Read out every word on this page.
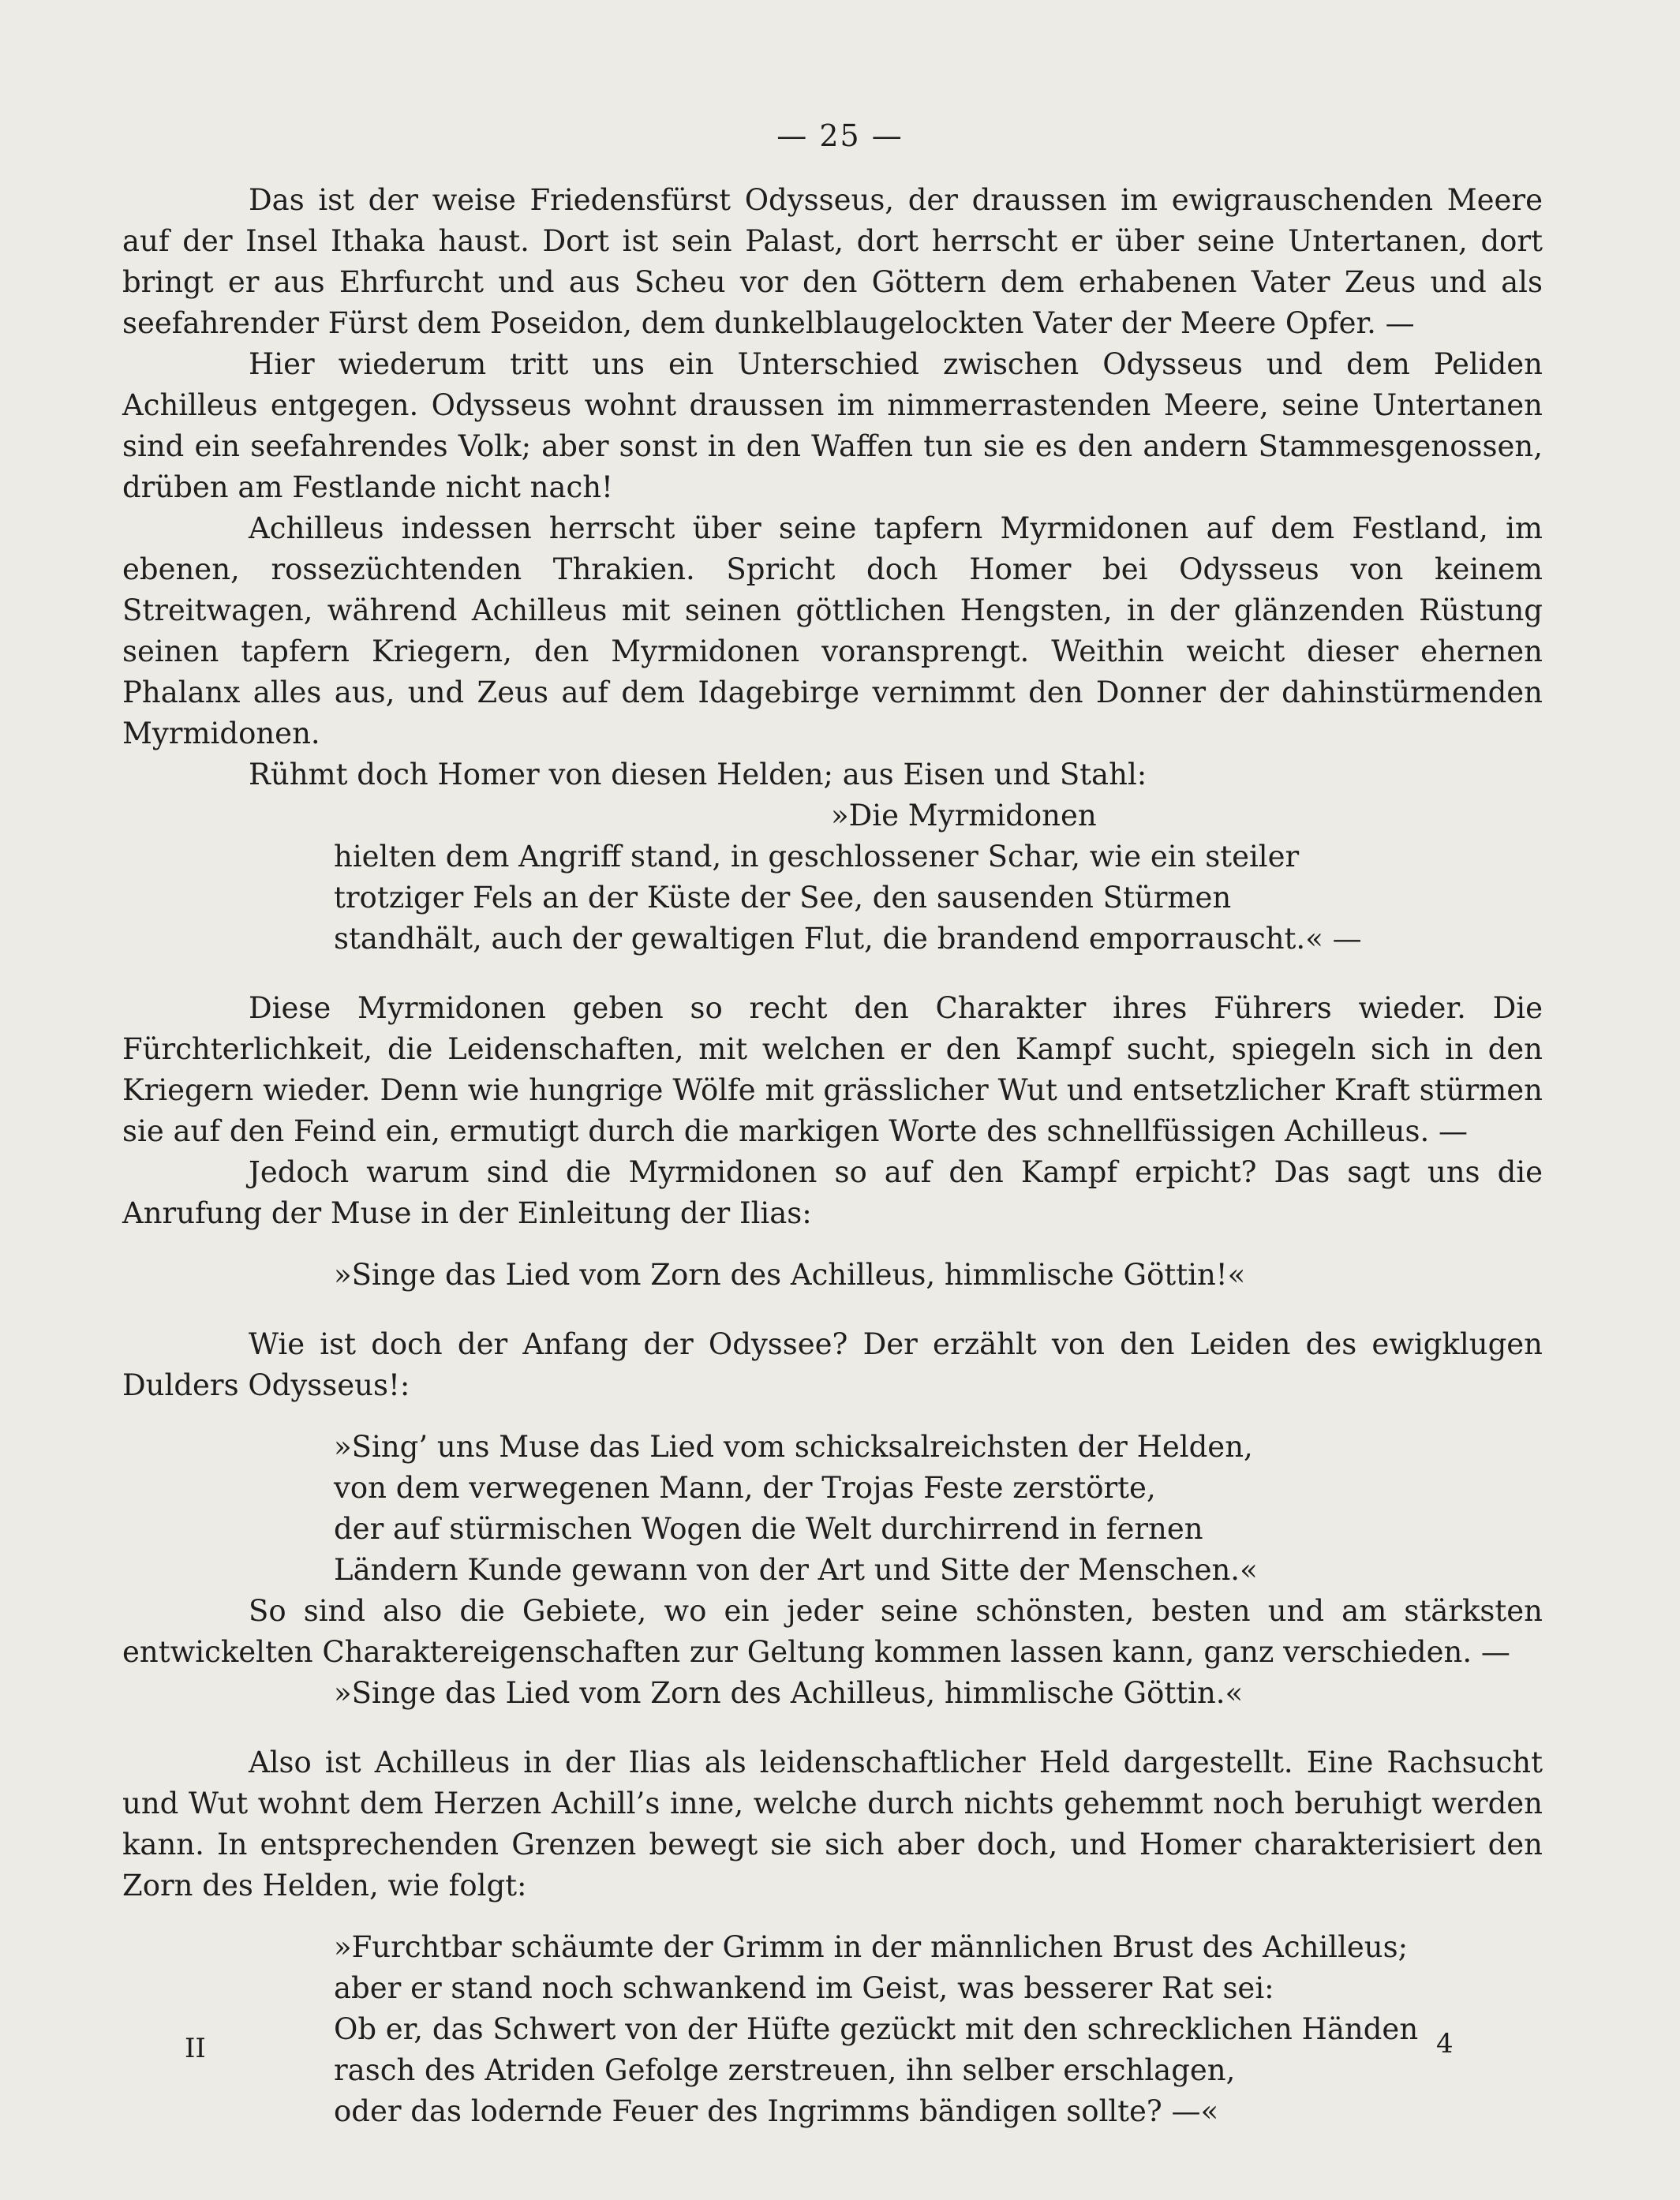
— 25 —

Das ist der weise Friedensfürst Odysseus, der draussen im ewigrauschenden Meere auf der Insel Ithaka haust. Dort ist sein Palast, dort herrscht er über seine Untertanen, dort bringt er aus Ehrfurcht und aus Scheu vor den Göttern dem erhabenen Vater Zeus und als seefahrender Fürst dem Poseidon, dem dunkelblaugelockten Vater der Meere Opfer. —

Hier wiederum tritt uns ein Unterschied zwischen Odysseus und dem Peliden Achilleus entgegen. Odysseus wohnt draussen im nimmerrastenden Meere, seine Untertanen sind ein seefahrendes Volk; aber sonst in den Waffen tun sie es den andern Stammesgenossen, drüben am Festlande nicht nach!

Achilleus indessen herrscht über seine tapfern Myrmidonen auf dem Festland, im ebenen, rossezüchtenden Thrakien. Spricht doch Homer bei Odysseus von keinem Streitwagen, während Achilleus mit seinen göttlichen Hengsten, in der glänzenden Rüstung seinen tapfern Kriegern, den Myrmidonen voransprengt. Weithin weicht dieser ehernen Phalanx alles aus, und Zeus auf dem Idagebirge vernimmt den Donner der dahinstürmenden Myrmidonen.

Rühmt doch Homer von diesen Helden; aus Eisen und Stahl:

»Die Myrmidonen
hielten dem Angriff stand, in geschlossener Schar, wie ein steiler
trotziger Fels an der Küste der See, den sausenden Stürmen
standhält, auch der gewaltigen Flut, die brandend emporrauscht.« —

Diese Myrmidonen geben so recht den Charakter ihres Führers wieder. Die Fürchterlichkeit, die Leidenschaften, mit welchen er den Kampf sucht, spiegeln sich in den Kriegern wieder. Denn wie hungrige Wölfe mit grässlicher Wut und entsetzlicher Kraft stürmen sie auf den Feind ein, ermutigt durch die markigen Worte des schnellfüssigen Achilleus. —

Jedoch warum sind die Myrmidonen so auf den Kampf erpicht? Das sagt uns die Anrufung der Muse in der Einleitung der Ilias:

»Singe das Lied vom Zorn des Achilleus, himmlische Göttin!«

Wie ist doch der Anfang der Odyssee? Der erzählt von den Leiden des ewigklugen Dulders Odysseus!:

»Sing’ uns Muse das Lied vom schicksalreichsten der Helden,
von dem verwegenen Mann, der Trojas Feste zerstörte,
der auf stürmischen Wogen die Welt durchirrend in fernen
Ländern Kunde gewann von der Art und Sitte der Menschen.«

So sind also die Gebiete, wo ein jeder seine schönsten, besten und am stärksten entwickelten Charaktereigenschaften zur Geltung kommen lassen kann, ganz verschieden. —

»Singe das Lied vom Zorn des Achilleus, himmlische Göttin.«

Also ist Achilleus in der Ilias als leidenschaftlicher Held dargestellt. Eine Rachsucht und Wut wohnt dem Herzen Achill’s inne, welche durch nichts gehemmt noch beruhigt werden kann. In entsprechenden Grenzen bewegt sie sich aber doch, und Homer charakterisiert den Zorn des Helden, wie folgt:

»Furchtbar schäumte der Grimm in der männlichen Brust des Achilleus;
aber er stand noch schwankend im Geist, was besserer Rat sei:
Ob er, das Schwert von der Hüfte gezückt mit den schrecklichen Händen
rasch des Atriden Gefolge zerstreuen, ihn selber erschlagen,
oder das lodernde Feuer des Ingrimms bändigen sollte? —«
II	4
